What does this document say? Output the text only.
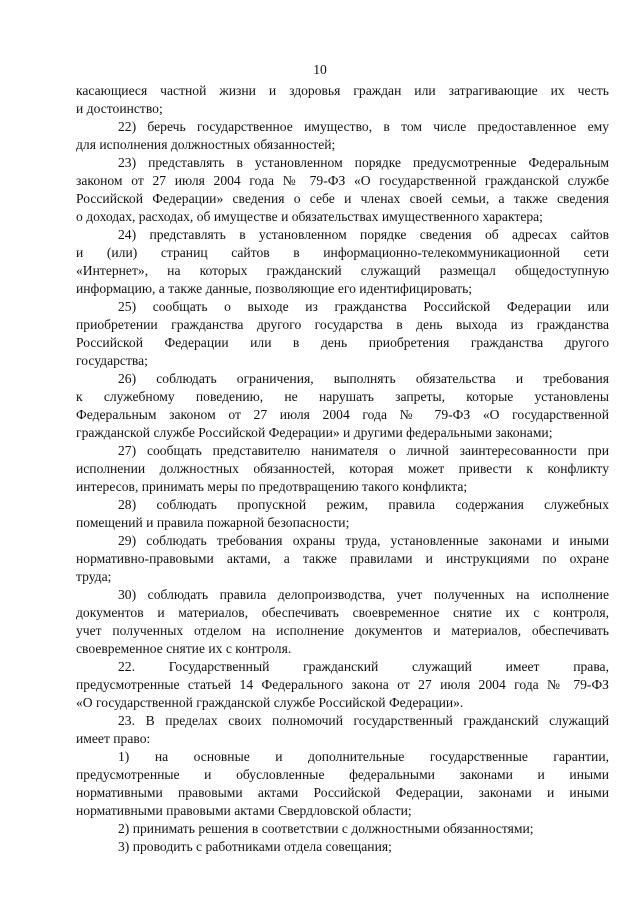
10
касающиеся частной жизни и здоровья граждан или затрагивающие их честь
и достоинство;
22) беречь государственное имущество, в том числе предоставленное ему
для исполнения должностных обязанностей;
23) представлять в установленном порядке предусмотренные Федеральным
законом от 27 июля 2004 года № 79-ФЗ «О государственной гражданской службе
Российской Федерации» сведения о себе и членах своей семьи, а также сведения
о доходах, расходах, об имуществе и обязательствах имущественного характера;
24) представлять в установленном порядке сведения об адресах сайтов
и (или) страниц сайтов в информационно-телекоммуникационной сети
«Интернет», на которых гражданский служащий размещал общедоступную
информацию, а также данные, позволяющие его идентифицировать;
25) сообщать о выходе из гражданства Российской Федерации или
приобретении гражданства другого государства в день выхода из гражданства
Российской Федерации или в день приобретения гражданства другого
государства;
26) соблюдать ограничения, выполнять обязательства и требования
к служебному поведению, не нарушать запреты, которые установлены
Федеральным законом от 27 июля 2004 года № 79-ФЗ «О государственной
гражданской службе Российской Федерации» и другими федеральными законами;
27) сообщать представителю нанимателя о личной заинтересованности при
исполнении должностных обязанностей, которая может привести к конфликту
интересов, принимать меры по предотвращению такого конфликта;
28) соблюдать пропускной режим, правила содержания служебных
помещений и правила пожарной безопасности;
29) соблюдать требования охраны труда, установленные законами и иными
нормативно-правовыми актами, а также правилами и инструкциями по охране
труда;
30) соблюдать правила делопроизводства, учет полученных на исполнение
документов и материалов, обеспечивать своевременное снятие их с контроля,
учет полученных отделом на исполнение документов и материалов, обеспечивать
своевременное снятие их с контроля.
22. Государственный гражданский служащий имеет права,
предусмотренные статьей 14 Федерального закона от 27 июля 2004 года № 79-ФЗ
«О государственной гражданской службе Российской Федерации».
23. В пределах своих полномочий государственный гражданский служащий
имеет право:
1) на основные и дополнительные государственные гарантии,
предусмотренные и обусловленные федеральными законами и иными
нормативными правовыми актами Российской Федерации, законами и иными
нормативными правовыми актами Свердловской области;
2) принимать решения в соответствии с должностными обязанностями;
3) проводить с работниками отдела совещания;
